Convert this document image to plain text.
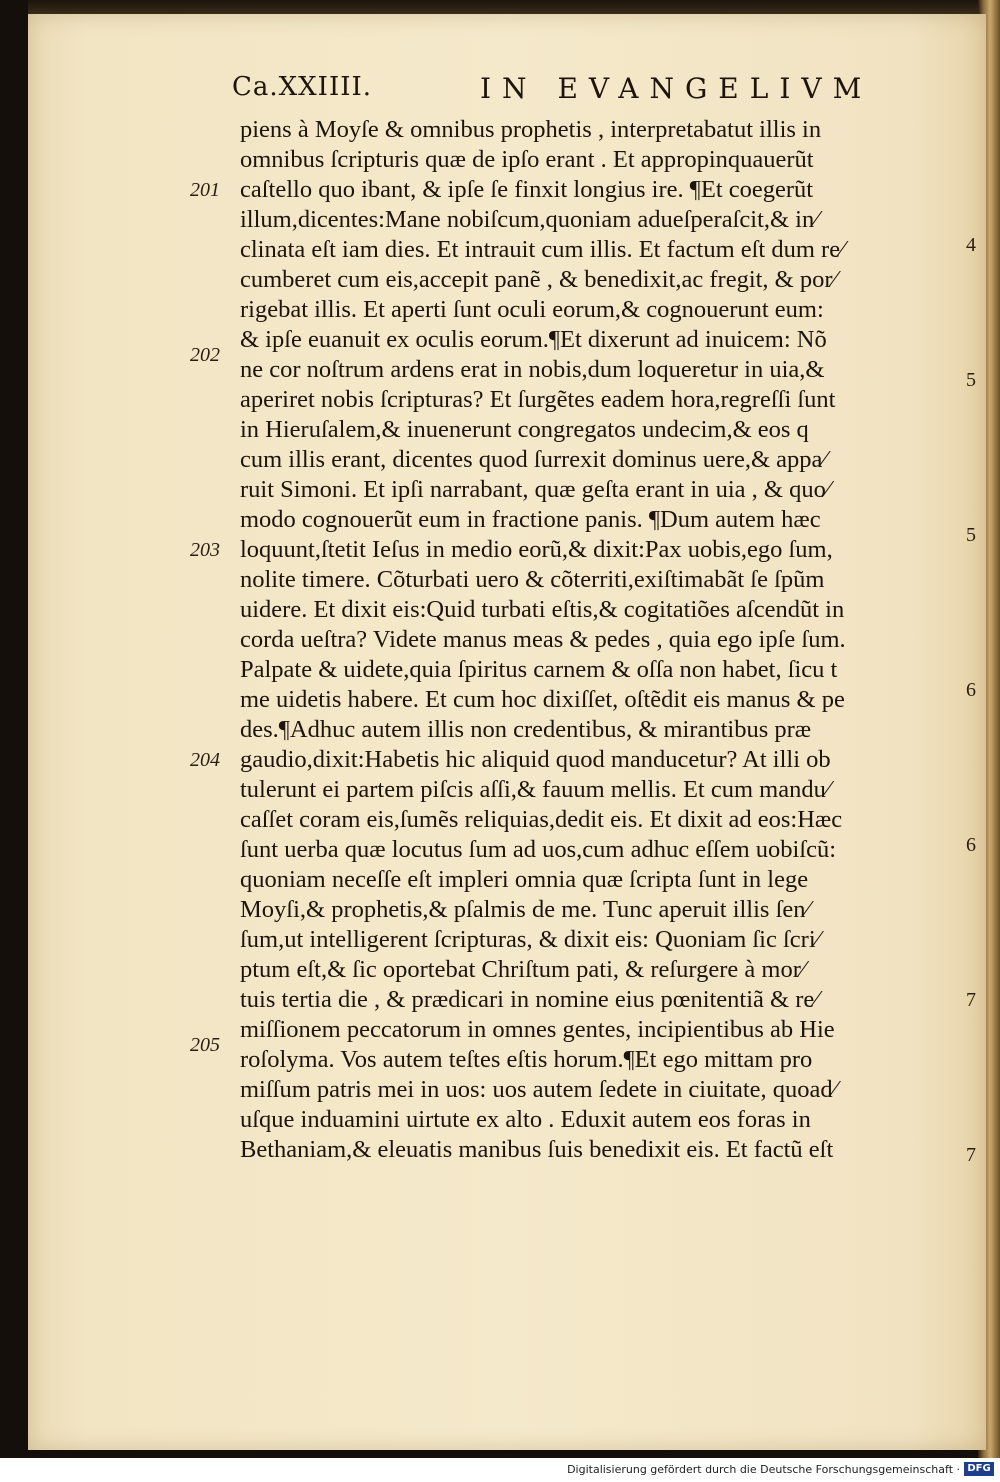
Ca.XXIIII.	IN EVANGELIVM
piens à Moyſe & omnibus prophetis , interpretabatut illis in
omnibus ſcripturis quæ de ipſo erant . Et appropinquauerũt
caſtello quo ibant, & ipſe ſe finxit longius ire. ¶Et coegerũt
illum,dicentes:Mane nobiſcum,quoniam adueſperaſcit,& in⁄
clinata eſt iam dies. Et intrauit cum illis. Et factum eſt dum re⁄
cumberet cum eis,accepit panẽ , & benedixit,ac fregit, & por⁄
rigebat illis. Et aperti ſunt oculi eorum,& cognouerunt eum:
& ipſe euanuit ex oculis eorum.¶Et dixerunt ad inuicem: Nõ
ne cor noſtrum ardens erat in nobis,dum loqueretur in uia,&
aperiret nobis ſcripturas? Et ſurgẽtes eadem hora,regreſſi ſunt
in Hieruſalem,& inuenerunt congregatos undecim,& eos q
cum illis erant, dicentes quod ſurrexit dominus uere,& appa⁄
ruit Simoni. Et ipſi narrabant, quæ geſta erant in uia , & quo⁄
modo cognouerũt eum in fractione panis. ¶Dum autem hæc
loquunt,ſtetit Ieſus in medio eorũ,& dixit:Pax uobis,ego ſum,
nolite timere. Cõturbati uero & cõterriti,exiſtimabãt ſe ſpũm
uidere. Et dixit eis:Quid turbati eſtis,& cogitatiões aſcendũt in
corda ueſtra? Videte manus meas & pedes , quia ego ipſe ſum.
Palpate & uidete,quia ſpiritus carnem & oſſa non habet, ſicu t
me uidetis habere. Et cum hoc dixiſſet, oſtẽdit eis manus & pe
des.¶Adhuc autem illis non credentibus, & mirantibus præ
gaudio,dixit:Habetis hic aliquid quod manducetur? At illi ob
tulerunt ei partem piſcis aſſi,& fauum mellis. Et cum mandu⁄
caſſet coram eis,ſumẽs reliquias,dedit eis. Et dixit ad eos:Hæc
ſunt uerba quæ locutus ſum ad uos,cum adhuc eſſem uobiſcũ:
quoniam neceſſe eſt impleri omnia quæ ſcripta ſunt in lege
Moyſi,& prophetis,& pſalmis de me. Tunc aperuit illis ſen⁄
ſum,ut intelligerent ſcripturas, & dixit eis: Quoniam ſic ſcri⁄
ptum eſt,& ſic oportebat Chriſtum pati, & reſurgere à mor⁄
tuis tertia die , & prædicari in nomine eius pœnitentiã & re⁄
miſſionem peccatorum in omnes gentes, incipientibus ab Hie
roſolyma. Vos autem teſtes eſtis horum.¶Et ego mittam pro
miſſum patris mei in uos: uos autem ſedete in ciuitate, quoad⁄
uſque induamini uirtute ex alto . Eduxit autem eos foras in
Bethaniam,& eleuatis manibus ſuis benedixit eis. Et factũ eſt
201
202
203
204
205
4
5
5
6
6
7
7
Digitalisierung gefördert durch die Deutsche Forschungsgemeinschaft · DFG
